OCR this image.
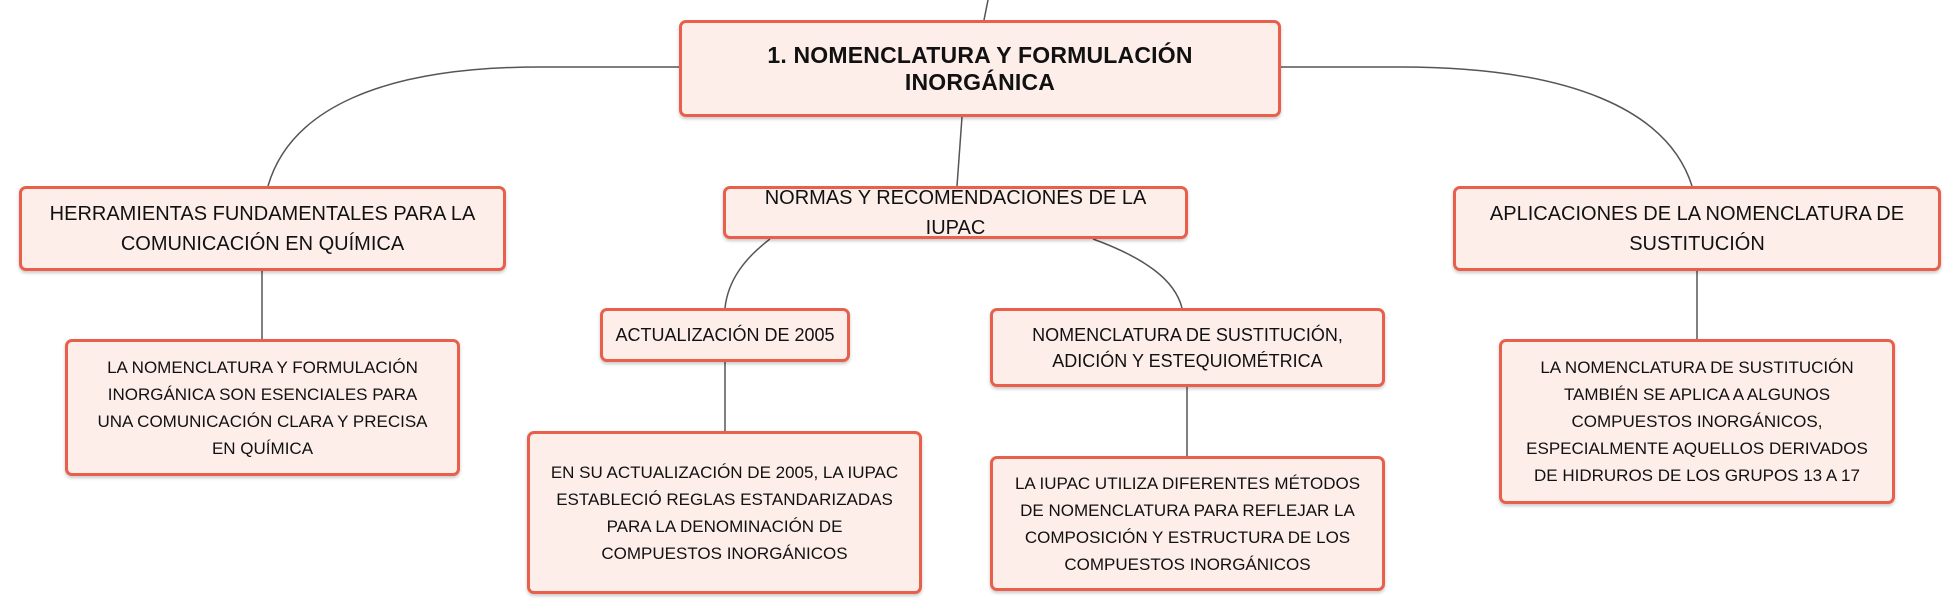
1. NOMENCLATURA Y FORMULACIÓN INORGÁNICA
HERRAMIENTAS FUNDAMENTALES PARA LA COMUNICACIÓN EN QUÍMICA
LA NOMENCLATURA Y FORMULACIÓN INORGÁNICA SON ESENCIALES PARA UNA COMUNICACIÓN CLARA Y PRECISA EN QUÍMICA
NORMAS Y RECOMENDACIONES DE LA IUPAC
ACTUALIZACIÓN DE 2005
EN SU ACTUALIZACIÓN DE 2005, LA IUPAC ESTABLECIÓ REGLAS ESTANDARIZADAS PARA LA DENOMINACIÓN DE COMPUESTOS INORGÁNICOS
NOMENCLATURA DE SUSTITUCIÓN, ADICIÓN Y ESTEQUIOMÉTRICA
LA IUPAC UTILIZA DIFERENTES MÉTODOS DE NOMENCLATURA PARA REFLEJAR LA COMPOSICIÓN Y ESTRUCTURA DE LOS COMPUESTOS INORGÁNICOS
APLICACIONES DE LA NOMENCLATURA DE SUSTITUCIÓN
LA NOMENCLATURA DE SUSTITUCIÓN TAMBIÉN SE APLICA A ALGUNOS COMPUESTOS INORGÁNICOS, ESPECIALMENTE AQUELLOS DERIVADOS DE HIDRUROS DE LOS GRUPOS 13 A 17
